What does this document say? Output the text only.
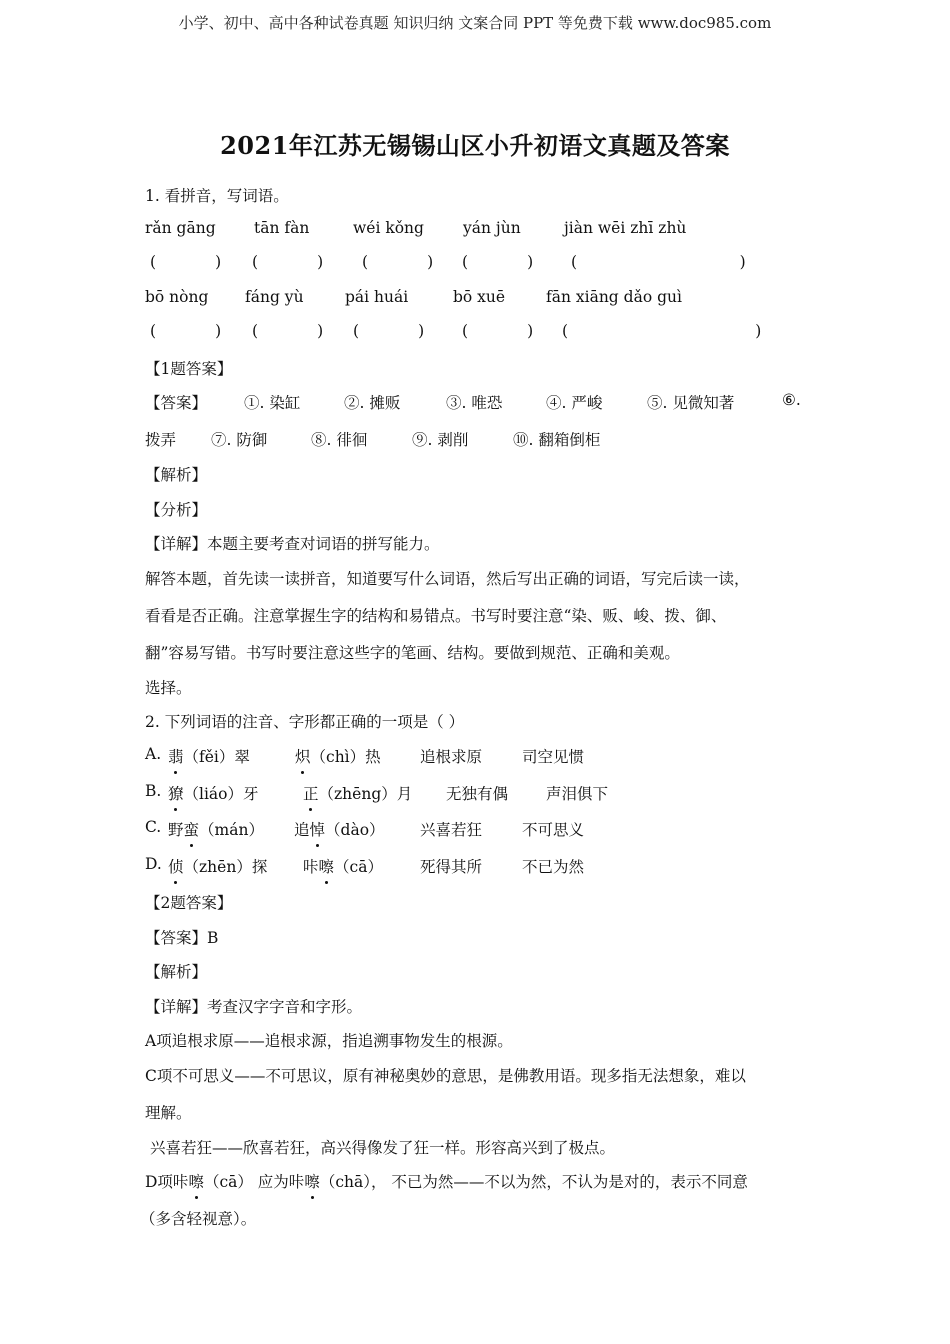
小学、初中、高中各种试卷真题 知识归纳 文案合同 PPT 等免费下载 www.doc985.com
2021年江苏无锡锡山区小升初语文真题及答案
1. 看拼音，写词语。
rǎn gāng tān fàn	wéi kǒng	yán jùn	jiàn wēi zhī zhù
(            ) (            )	(            ) (            ) (                                 )
bō nòng fáng yù	pái huái	bō xuē	fān xiāng dǎo guì
(            ) (            ) (            ) (            ) (                                      )
【1题答案】
【答案】 ①. 染缸	②. 摊贩	③. 唯恐	④. 严峻	⑤. 见微知著	⑥.
拨弄 ⑦. 防御	⑧. 徘徊	⑨. 剥削	⑩. 翻箱倒柜
【解析】
【分析】
【详解】本题主要考查对词语的拼写能力。
解答本题，首先读一读拼音，知道要写什么词语，然后写出正确的词语，写完后读一读，
看看是否正确。注意掌握生字的结构和易错点。书写时要注意“染、贩、峻、拨、御、
翻”容易写错。书写时要注意这些字的笔画、结构。要做到规范、正确和美观。
选择。
2. 下列词语的注音、字形都正确的一项是（ ）
A. 翡（fěi）翠	炽（chì）热	追根求原	司空见惯
B. 獠（liáo）牙	正（zhēng）月 无独有偶 声泪俱下
C. 野蛮（mán） 追悼（dào） 兴喜若狂	不可思义
D. 侦（zhēn）探 咔嚓（cā） 死得其所	不已为然
【2题答案】
【答案】B
【解析】
【详解】考查汉字字音和字形。
A项追根求原——追根求源，指追溯事物发生的根源。
C项不可思义——不可思议，原有神秘奥妙的意思，是佛教用语。现多指无法想象，难以
理解。
兴喜若狂——欣喜若狂，高兴得像发了狂一样。形容高兴到了极点。
D项咔嚓（cā） 应为咔嚓（chā）， 不已为然——不以为然，不认为是对的，表示不同意
（多含轻视意）。
